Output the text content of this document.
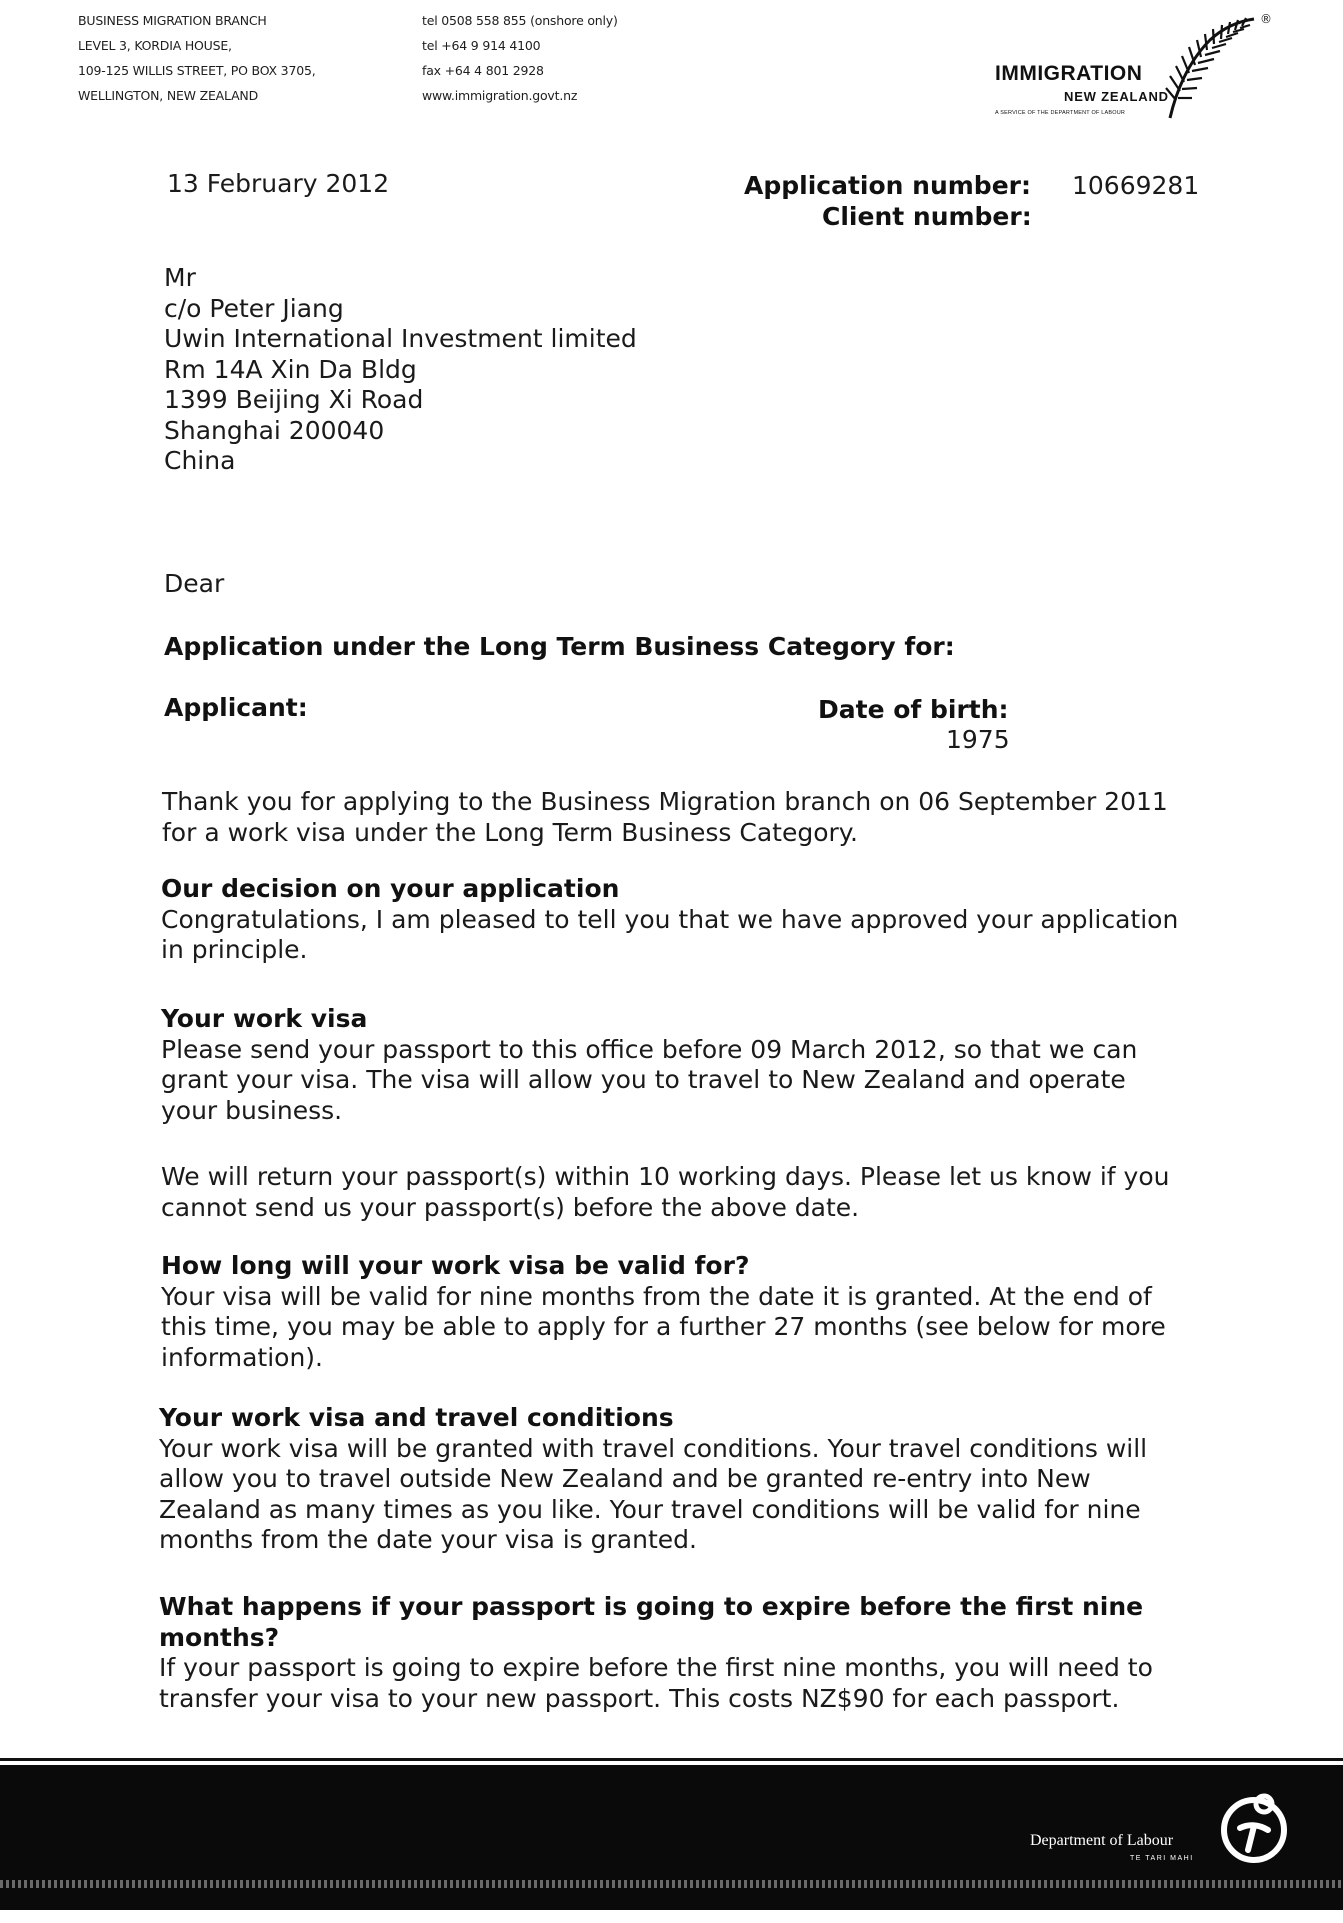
BUSINESS MIGRATION BRANCH
LEVEL 3, KORDIA HOUSE,
109-125 WILLIS STREET, PO BOX 3705,
WELLINGTON, NEW ZEALAND
tel 0508 558 855 (onshore only)
tel +64 9 914 4100
fax +64 4 801 2928
www.immigration.govt.nz
IMMIGRATION
NEW ZEALAND
A SERVICE OF THE DEPARTMENT OF LABOUR
®
13 February 2012	Application number: 10669281
Client number:
Mr
c/o Peter Jiang
Uwin International Investment limited
Rm 14A Xin Da Bldg
1399 Beijing Xi Road
Shanghai 200040
China
Dear
Application under the Long Term Business Category for:
Applicant:	Date of birth:
1975
Thank you for applying to the Business Migration branch on 06 September 2011
for a work visa under the Long Term Business Category.
Our decision on your application
Congratulations, I am pleased to tell you that we have approved your application
in principle.
Your work visa
Please send your passport to this office before 09 March 2012, so that we can
grant your visa. The visa will allow you to travel to New Zealand and operate
your business.
We will return your passport(s) within 10 working days. Please let us know if you
cannot send us your passport(s) before the above date.
How long will your work visa be valid for?
Your visa will be valid for nine months from the date it is granted. At the end of
this time, you may be able to apply for a further 27 months (see below for more
information).
Your work visa and travel conditions
Your work visa will be granted with travel conditions. Your travel conditions will
allow you to travel outside New Zealand and be granted re-entry into New
Zealand as many times as you like. Your travel conditions will be valid for nine
months from the date your visa is granted.
What happens if your passport is going to expire before the first nine
months?
If your passport is going to expire before the first nine months, you will need to
transfer your visa to your new passport. This costs NZ$90 for each passport.
Department of Labour
TE TARI MAHI
